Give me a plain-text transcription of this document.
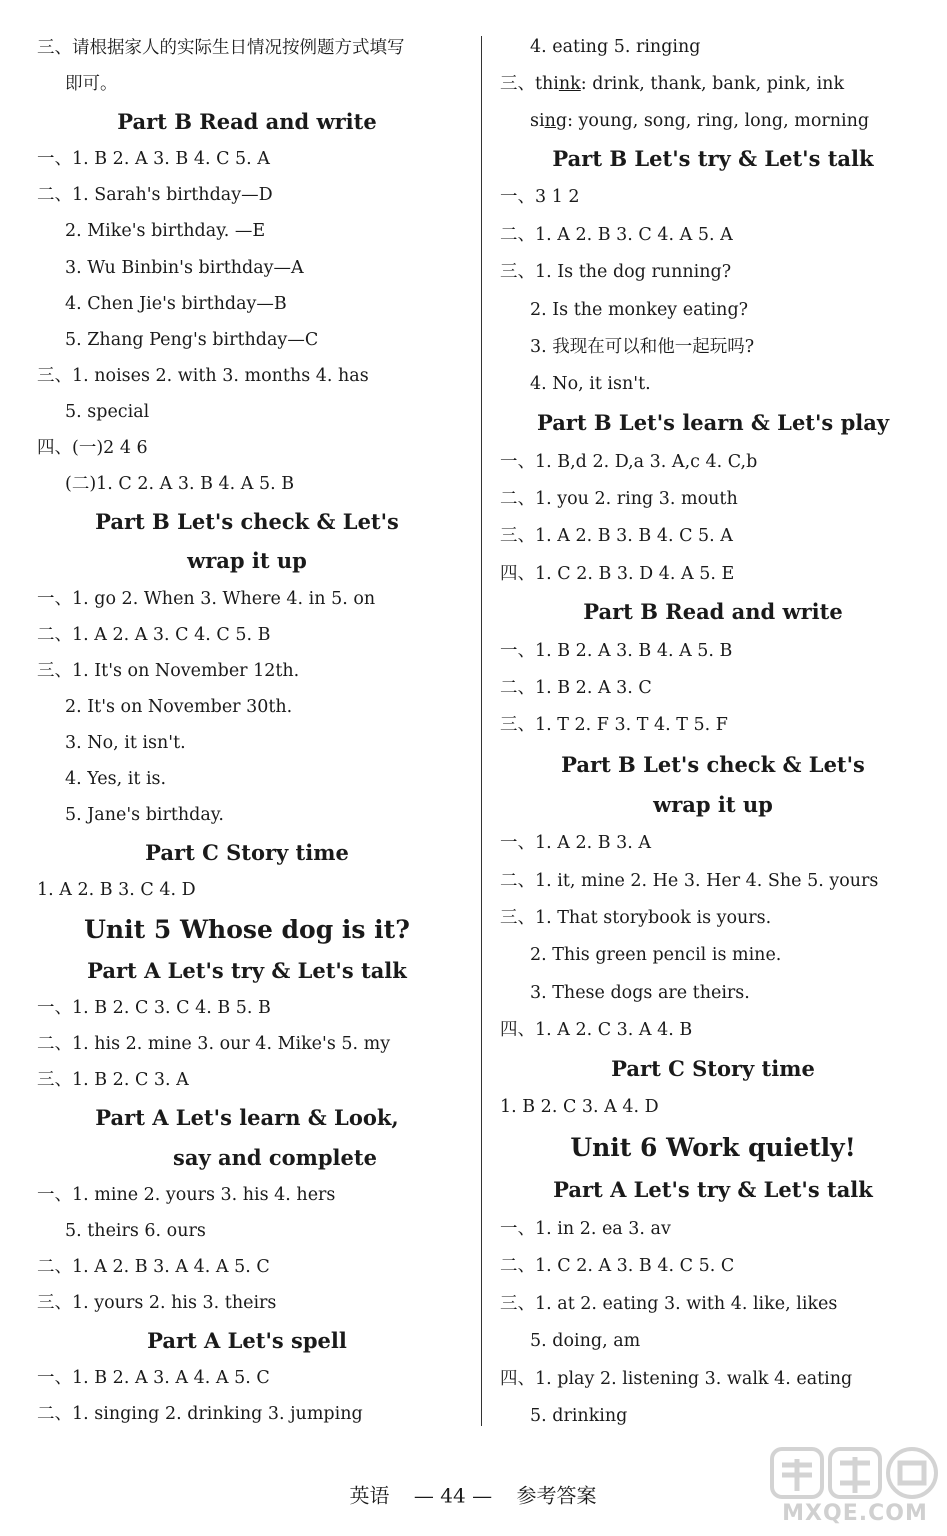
三、请根据家人的实际生日情况按例题方式填写
即可。
Part B Read and write
一、1. B 2. A 3. B 4. C 5. A
二、1. Sarah's birthday—D
2. Mike's birthday. —E
3. Wu Binbin's birthday—A
4. Chen Jie's birthday—B
5. Zhang Peng's birthday—C
三、1. noises 2. with 3. months 4. has
5. special
四、(一)2 4 6
(二)1. C 2. A 3. B 4. A 5. B
Part B Let's check & Let's
wrap it up
一、1. go 2. When 3. Where 4. in 5. on
二、1. A 2. A 3. C 4. C 5. B
三、1. It's on November 12th.
2. It's on November 30th.
3. No, it isn't.
4. Yes, it is.
5. Jane's birthday.
Part C Story time
1. A 2. B 3. C 4. D
Unit 5 Whose dog is it?
Part A Let's try & Let's talk
一、1. B 2. C 3. C 4. B 5. B
二、1. his 2. mine 3. our 4. Mike's 5. my
三、1. B 2. C 3. A
Part A Let's learn & Look,
say and complete
一、1. mine 2. yours 3. his 4. hers
5. theirs 6. ours
二、1. A 2. B 3. A 4. A 5. C
三、1. yours 2. his 3. theirs
Part A Let's spell
一、1. B 2. A 3. A 4. A 5. C
二、1. singing 2. drinking 3. jumping
4. eating 5. ringing
三、think: drink, thank, bank, pink, ink
sing: young, song, ring, long, morning
Part B Let's try & Let's talk
一、3 1 2
二、1. A 2. B 3. C 4. A 5. A
三、1. Is the dog running?
2. Is the monkey eating?
3. 我现在可以和他一起玩吗?
4. No, it isn't.
Part B Let's learn & Let's play
一、1. B,d 2. D,a 3. A,c 4. C,b
二、1. you 2. ring 3. mouth
三、1. A 2. B 3. B 4. C 5. A
四、1. C 2. B 3. D 4. A 5. E
Part B Read and write
一、1. B 2. A 3. B 4. A 5. B
二、1. B 2. A 3. C
三、1. T 2. F 3. T 4. T 5. F
Part B Let's check & Let's
wrap it up
一、1. A 2. B 3. A
二、1. it, mine 2. He 3. Her 4. She 5. yours
三、1. That storybook is yours.
2. This green pencil is mine.
3. These dogs are theirs.
四、1. A 2. C 3. A 4. B
Part C Story time
1. B 2. C 3. A 4. D
Unit 6 Work quietly!
Part A Let's try & Let's talk
一、1. in 2. ea 3. av
二、1. C 2. A 3. B 4. C 5. C
三、1. at 2. eating 3. with 4. like, likes
5. doing, am
四、1. play 2. listening 3. walk 4. eating
5. drinking
英语 — 44 — 参考答案
MXQE.COM
